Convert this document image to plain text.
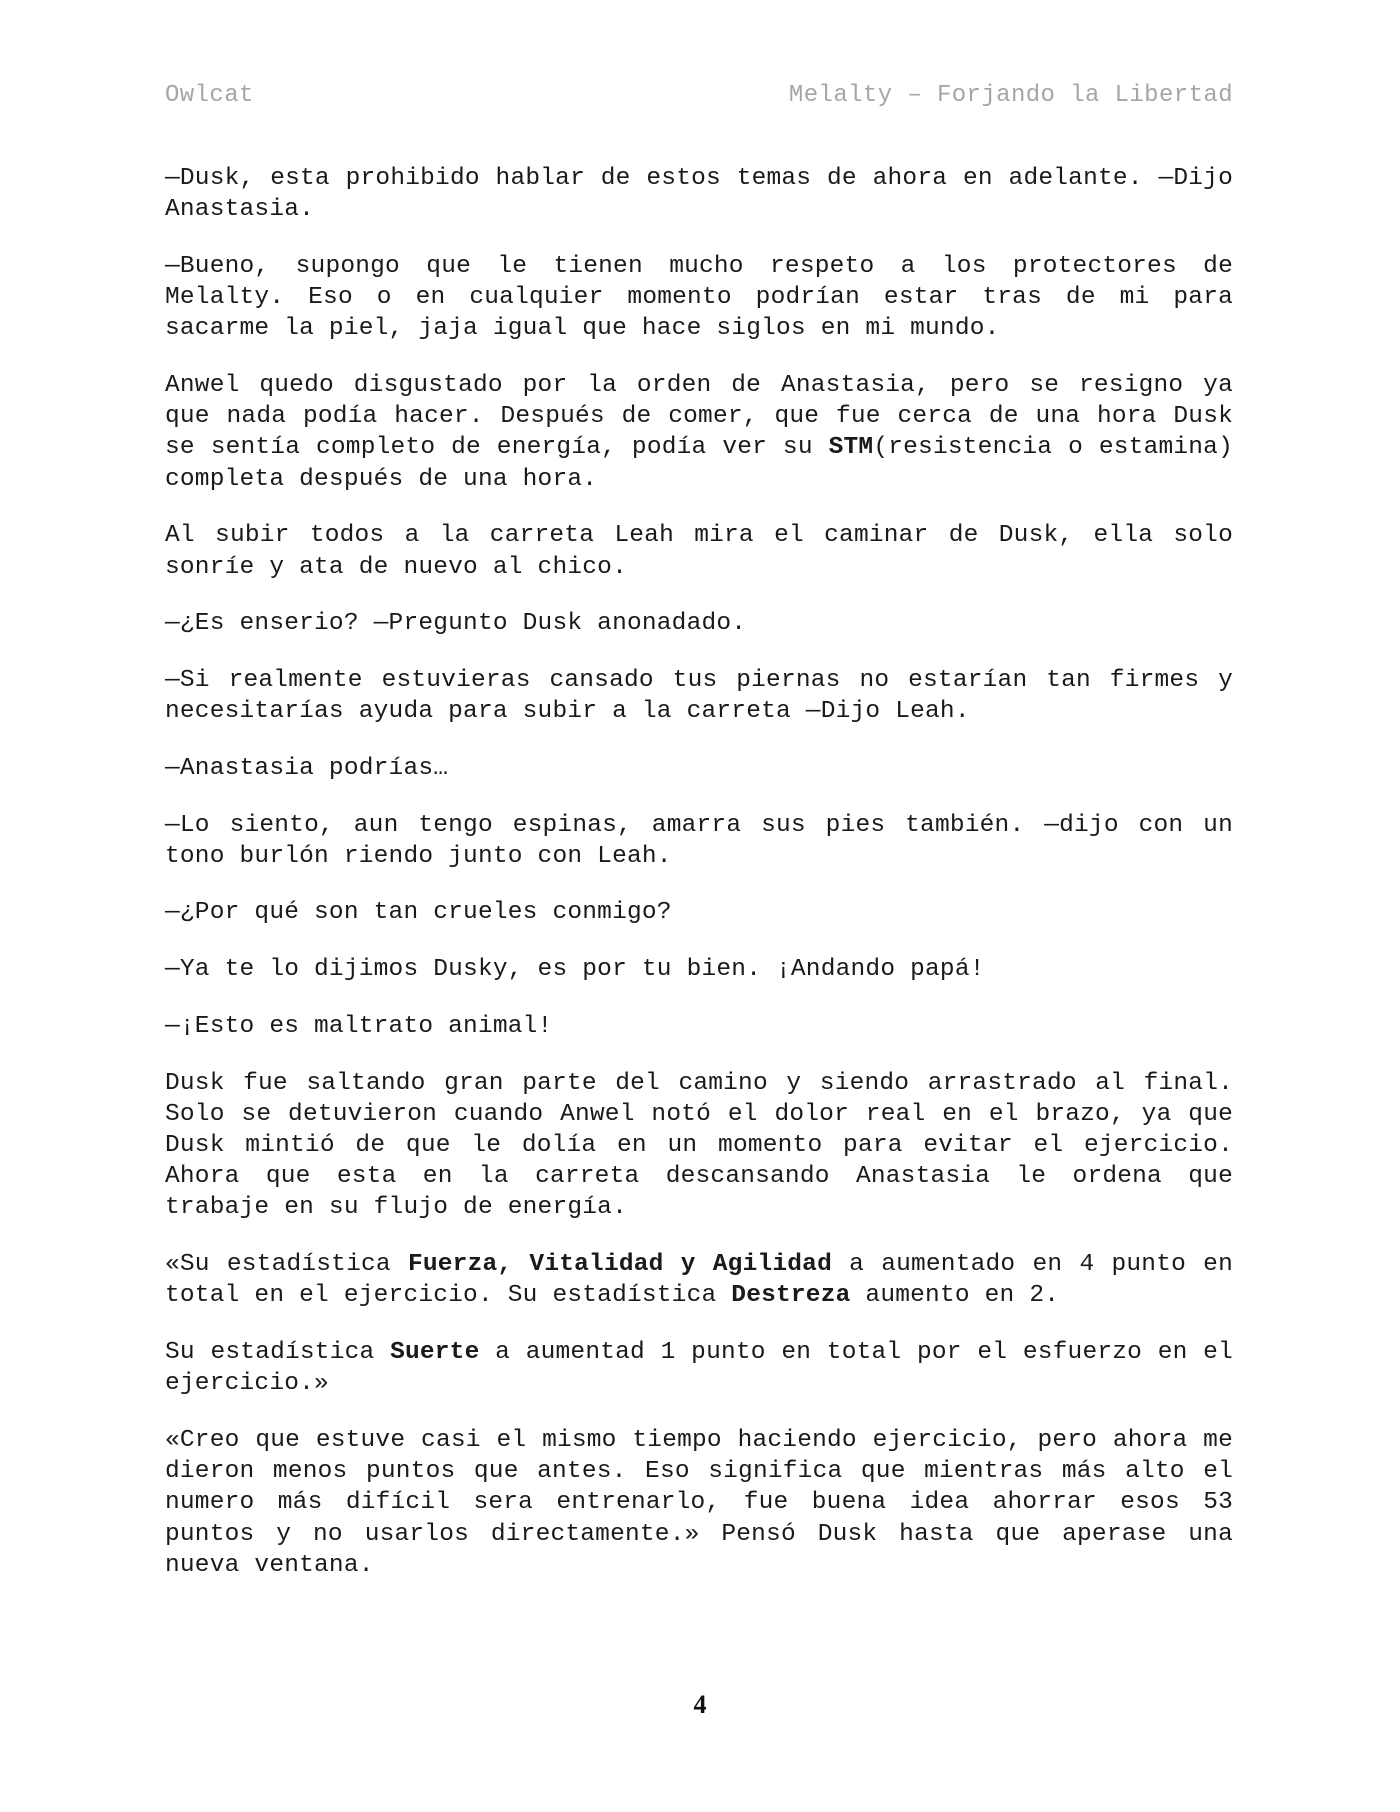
Owlcat	Melalty – Forjando la Libertad

—Dusk, esta prohibido hablar de estos temas de ahora en adelante. —Dijo Anastasia.

—Bueno, supongo que le tienen mucho respeto a los protectores de Melalty. Eso o en cualquier momento podrían estar tras de mi para sacarme la piel, jaja igual que hace siglos en mi mundo.

Anwel quedo disgustado por la orden de Anastasia, pero se resigno ya que nada podía hacer. Después de comer, que fue cerca de una hora Dusk se sentía completo de energía, podía ver su STM(resistencia o estamina) completa después de una hora.

Al subir todos a la carreta Leah mira el caminar de Dusk, ella solo sonríe y ata de nuevo al chico.

—¿Es enserio? —Pregunto Dusk anonadado.

—Si realmente estuvieras cansado tus piernas no estarían tan firmes y necesitarías ayuda para subir a la carreta —Dijo Leah.

—Anastasia podrías…

—Lo siento, aun tengo espinas, amarra sus pies también. —dijo con un tono burlón riendo junto con Leah.

—¿Por qué son tan crueles conmigo?

—Ya te lo dijimos Dusky, es por tu bien. ¡Andando papá!

—¡Esto es maltrato animal!

Dusk fue saltando gran parte del camino y siendo arrastrado al final. Solo se detuvieron cuando Anwel notó el dolor real en el brazo, ya que Dusk mintió de que le dolía en un momento para evitar el ejercicio. Ahora que esta en la carreta descansando Anastasia le ordena que trabaje en su flujo de energía.

«Su estadística Fuerza, Vitalidad y Agilidad a aumentado en 4 punto en total en el ejercicio. Su estadística Destreza aumento en 2.

Su estadística Suerte a aumentad 1 punto en total por el esfuerzo en el ejercicio.»

«Creo que estuve casi el mismo tiempo haciendo ejercicio, pero ahora me dieron menos puntos que antes. Eso significa que mientras más alto el numero más difícil sera entrenarlo, fue buena idea ahorrar esos 53 puntos y no usarlos directamente.» Pensó Dusk hasta que aperase una nueva ventana.

4
